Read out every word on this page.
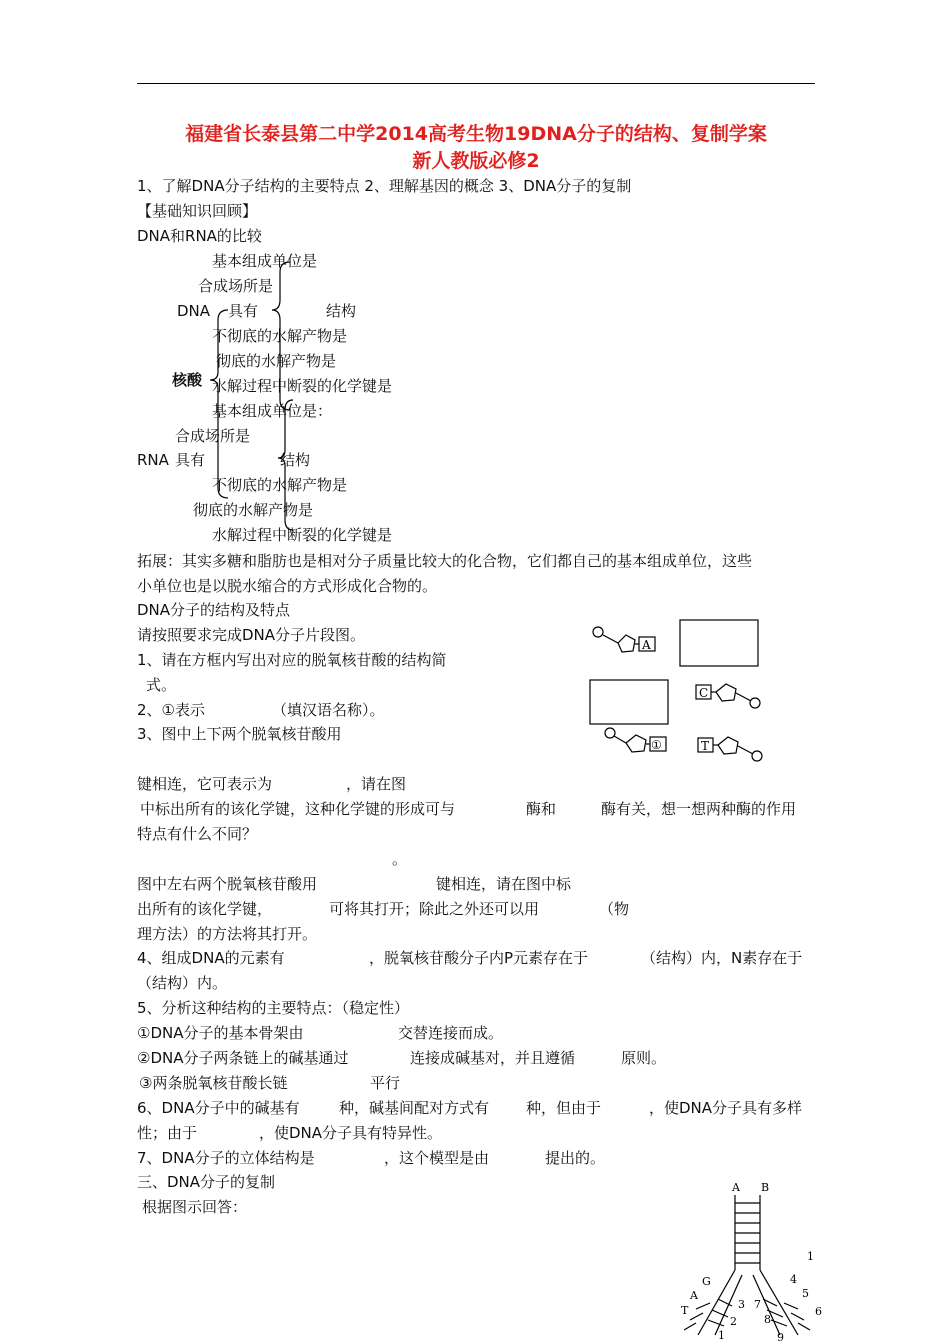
福建省长泰县第二中学2014高考生物19DNA分子的结构、复制学案
新人教版必修2
1、了解DNA分子结构的主要特点 2、理解基因的概念 3、DNA分子的复制
【基础知识回顾】
DNA和RNA的比较
基本组成单位是
合成场所是
DNA 具有	结构
不彻底的水解产物是
彻底的水解产物是
核酸 水解过程中断裂的化学键是
基本组成单位是：
合成场所是
RNA 具有	结构
不彻底的水解产物是
彻底的水解产物是
水解过程中断裂的化学键是
拓展：其实多糖和脂肪也是相对分子质量比较大的化合物，它们都自己的基本组成单位，这些
小单位也是以脱水缩合的方式形成化合物的。
DNA分子的结构及特点
请按照要求完成DNA分子片段图。
1、请在方框内写出对应的脱氧核苷酸的结构简
式。
2、①表示	（填汉语名称）。
3、图中上下两个脱氧核苷酸用
A
C
①	T
键相连，它可表示为	，请在图
中标出所有的该化学键，这种化学键的形成可与	酶和	酶有关，想一想两种酶的作用
特点有什么不同？
。
图中左右两个脱氧核苷酸用	键相连，请在图中标
出所有的该化学键，	可将其打开；除此之外还可以用	（物
理方法）的方法将其打开。
4、组成DNA的元素有	，脱氧核苷酸分子内P元素存在于	（结构）内，N素存在于
（结构）内。
5、分析这种结构的主要特点：（稳定性）
①DNA分子的基本骨架由	交替连接而成。
②DNA分子两条链上的碱基通过	连接成碱基对，并且遵循	原则。
③两条脱氧核苷酸长链	平行
6、DNA分子中的碱基有	种，碱基间配对方式有 种，但由于	，使DNA分子具有多样
性；由于	，使DNA分子具有特异性。
7、DNA分子的立体结构是	，这个模型是由	提出的。
三、DNA分子的复制
根据图示回答：
A B
1
G
A
T
4
5
6
3 7
2 8
1	9
